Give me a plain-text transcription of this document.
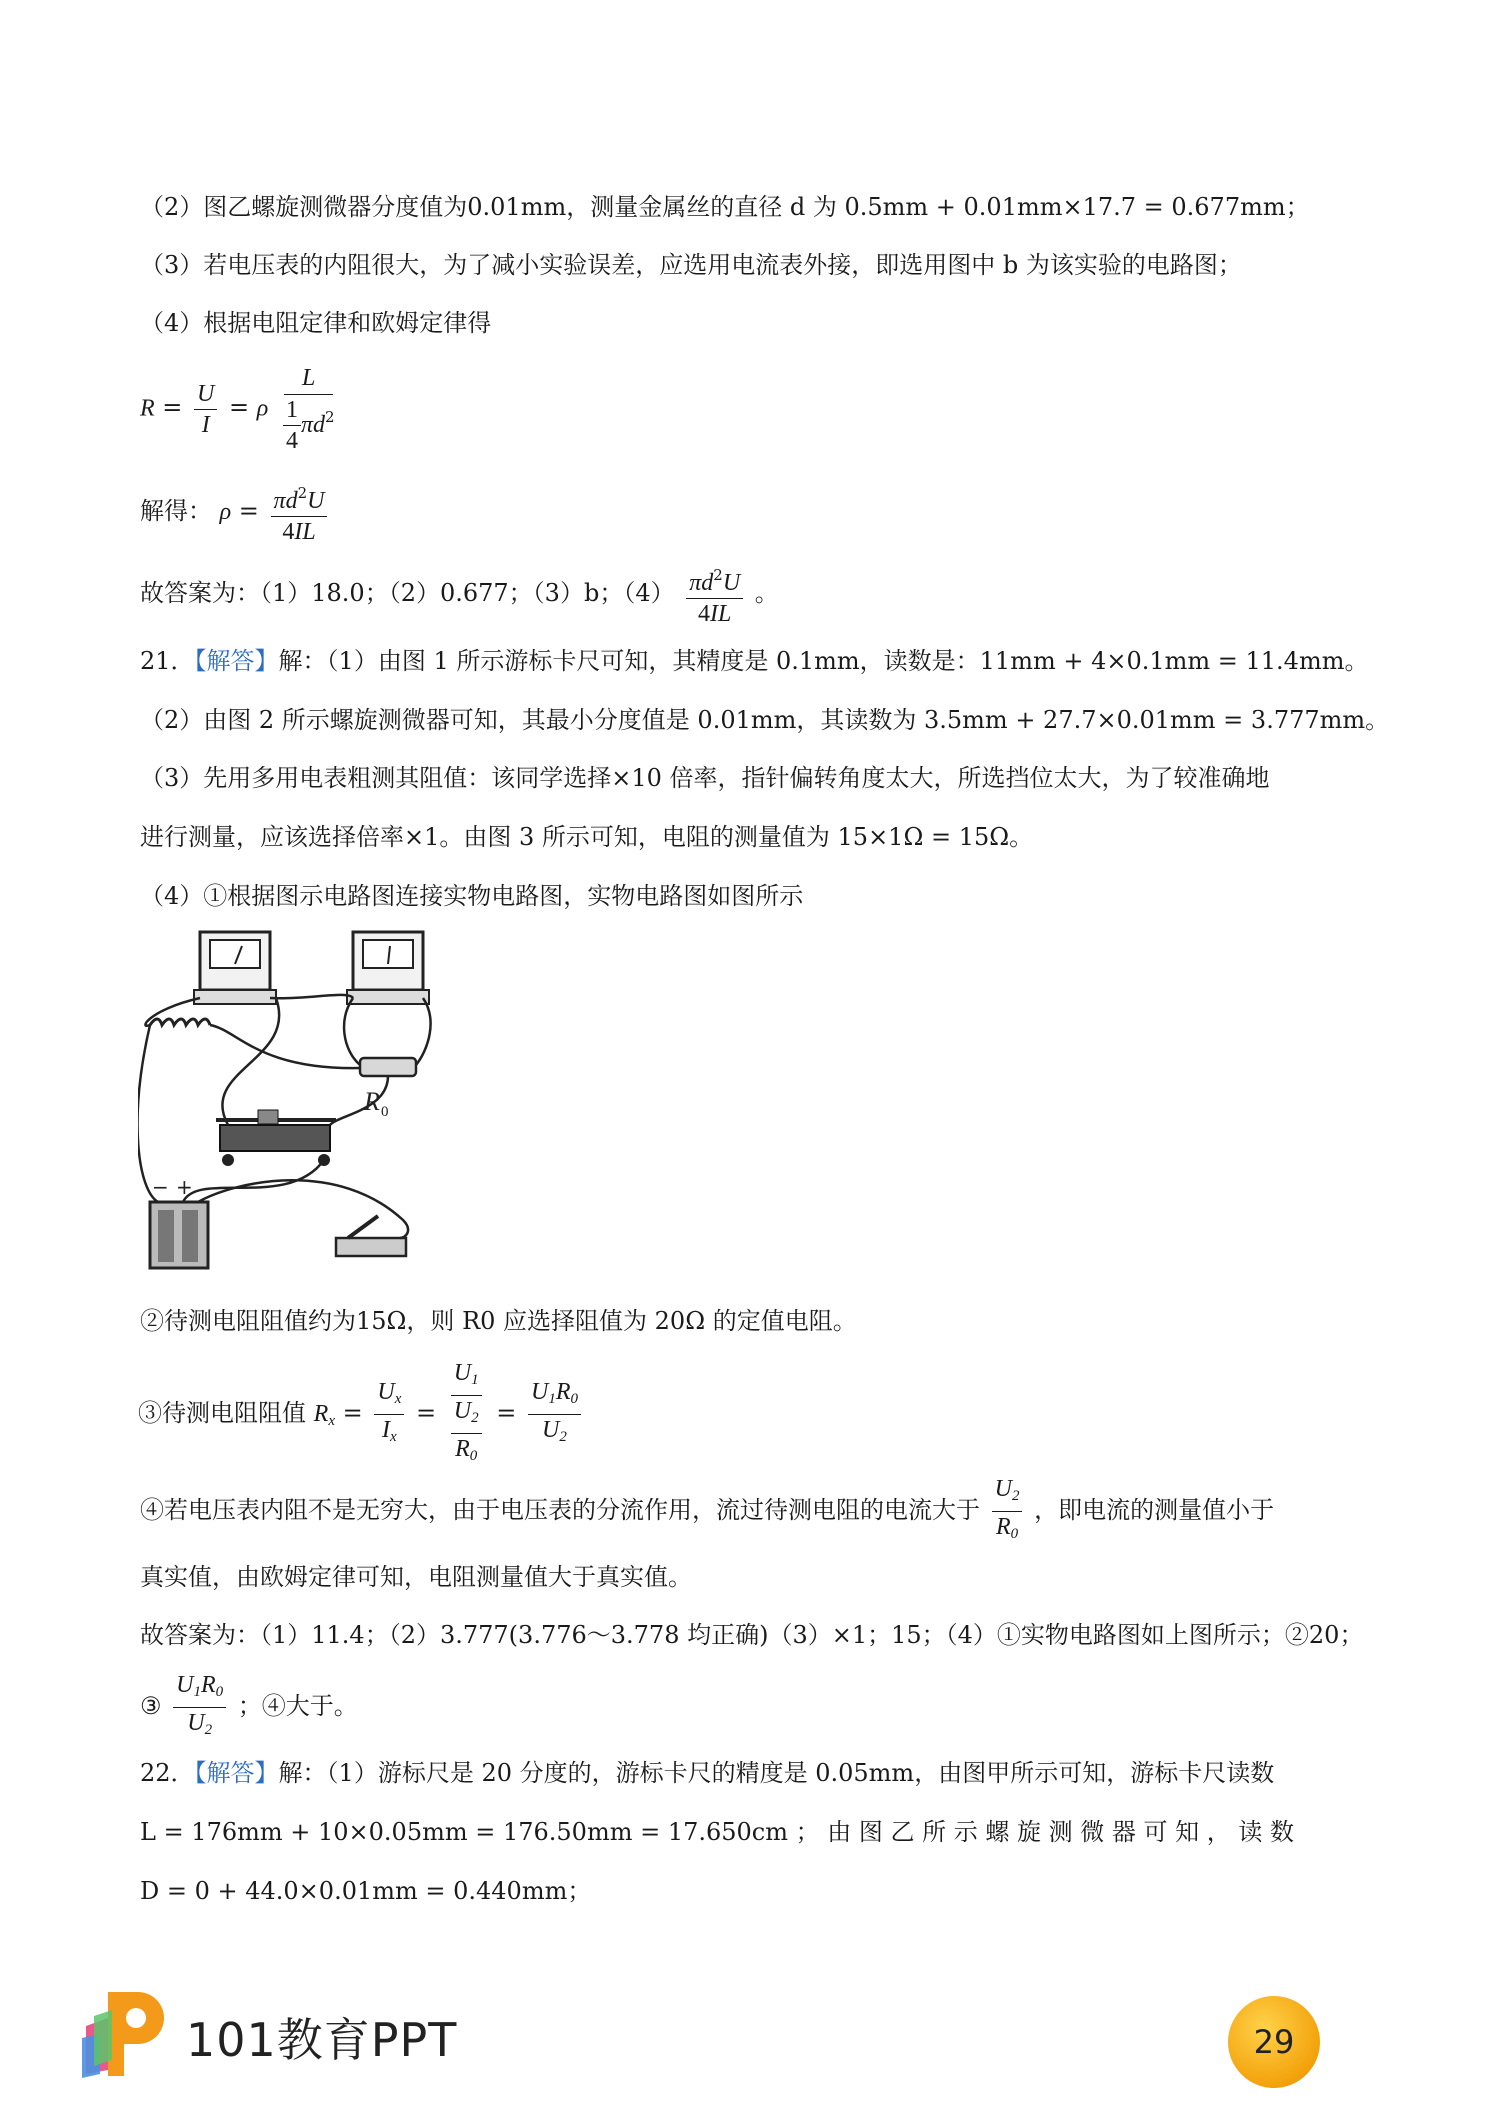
（2）图乙螺旋测微器分度值为0.01mm，测量金属丝的直径 d 为 0.5mm + 0.01mm×17.7 = 0.677mm；
（3）若电压表的内阻很大，为了减小实验误差，应选用电流表外接，即选用图中 b 为该实验的电路图；
（4）根据电阻定律和欧姆定律得
$R = \frac{U}{I} = \rho \frac{L}{\frac{1}{4} \pi d^2}$
解得： $\rho = \frac{\pi d^2U}{4IL}$
故答案为：（1）18.0；（2）0.677；（3）b；$(4) \frac{\pi d^2U}{4IL}$ 。
21．【解答】解：（1）由图 1 所示游标卡尺可知，其精度是 0.1mm，读数是：11mm + 4×0.1mm = 11.4mm。
（2）由图 2 所示螺旋测微器可知，其最小分度值是 0.01mm，其读数为 3.5mm + 27.7×0.01mm = 3.777mm。
（3）先用多用电表粗测其阻值：该同学选择×10 倍率，指针偏转角度太大，所选挡位太大，为了较准确地
进行测量，应该选择倍率×1。由图 3 所示可知，电阻的测量值为 15×1Ω = 15Ω。
（4）①根据图示电路图连接实物电路图，实物电路图如图所示
R 0
− +
②待测电阻阻值约为15Ω，则 R0 应选择阻值为 20Ω 的定值电阻。
③待测电阻阻值 $R_x = \frac{U_x}{I_x} = \frac{U_1}{\frac{U_2}{R_0}} = \frac{U_1R_0}{U_2}$
④若电压表内阻不是无穷大，由于电压表的分流作用，流过待测电阻的电流大于 $\frac{U_2}{R_0}$ ，即电流的测量值小于
真实值，由欧姆定律可知，电阻测量值大于真实值。
故答案为：（1）11.4；（2）3.777(3.776～3.778 均正确)（3）×1；15；（4）①实物电路图如上图所示；②20；
③ $\frac{U_1R_0}{U_2}$ ；④大于。
22．【解答】解：（1）游标尺是 20 分度的，游标卡尺的精度是 0.05mm，由图甲所示可知，游标卡尺读数
L = 176mm + 10×0.05mm = 176.50mm = 17.650cm ； 由 图 乙 所 示 螺 旋 测 微 器 可 知 ， 读 数
D = 0 + 44.0×0.01mm = 0.440mm；
101教育PPT	29
